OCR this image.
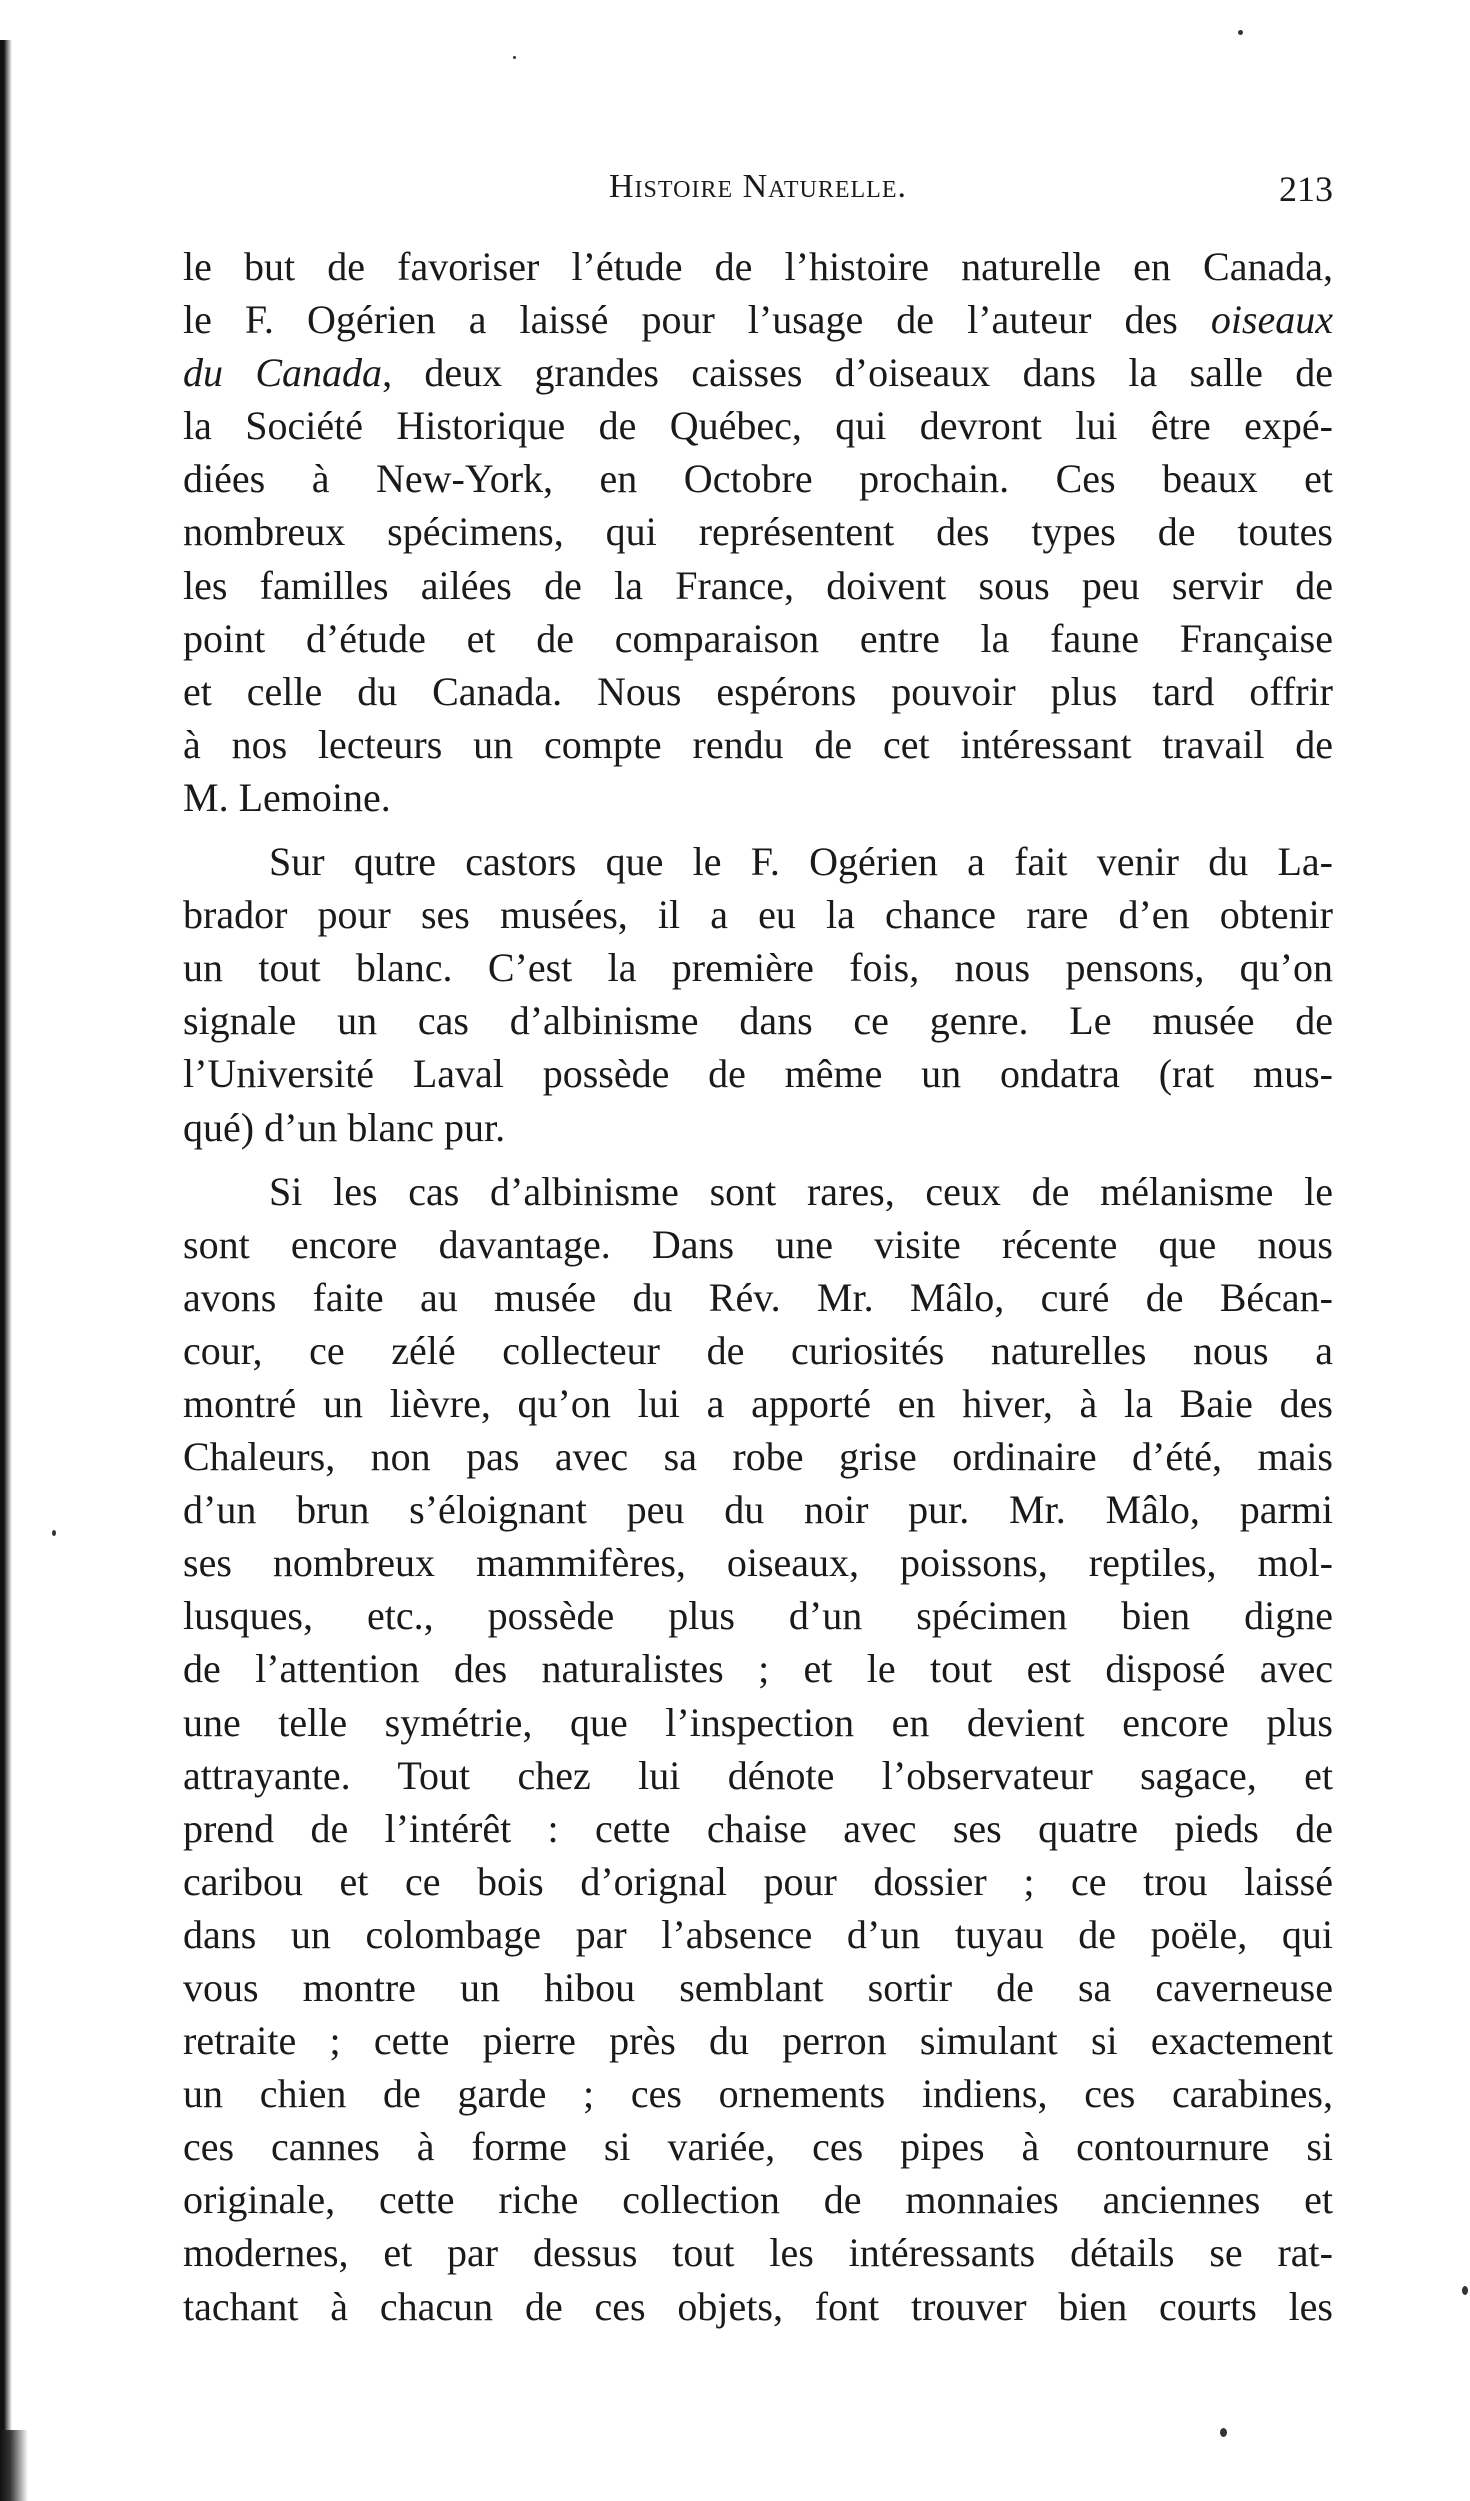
Histoire Naturelle.	213
le but de favoriser l’étude de l’histoire naturelle en Canada,
le F. Ogérien a laissé pour l’usage de l’auteur des oiseaux
du Canada, deux grandes caisses d’oiseaux dans la salle de
la Société Historique de Québec, qui devront lui être expé-
diées à New-York, en Octobre prochain. Ces beaux et
nombreux spécimens, qui représentent des types de toutes
les familles ailées de la France, doivent sous peu servir de
point d’étude et de comparaison entre la faune Française
et celle du Canada. Nous espérons pouvoir plus tard offrir
à nos lecteurs un compte rendu de cet intéressant travail de
M. Lemoine.
Sur qutre castors que le F. Ogérien a fait venir du La-
brador pour ses musées, il a eu la chance rare d’en obtenir
un tout blanc. C’est la première fois, nous pensons, qu’on
signale un cas d’albinisme dans ce genre. Le musée de
l’Université Laval possède de même un ondatra (rat mus-
qué) d’un blanc pur.
Si les cas d’albinisme sont rares, ceux de mélanisme le
sont encore davantage. Dans une visite récente que nous
avons faite au musée du Rév. Mr. Mâlo, curé de Bécan-
cour, ce zélé collecteur de curiosités naturelles nous a
montré un lièvre, qu’on lui a apporté en hiver, à la Baie des
Chaleurs, non pas avec sa robe grise ordinaire d’été, mais
d’un brun s’éloignant peu du noir pur. Mr. Mâlo, parmi
ses nombreux mammifères, oiseaux, poissons, reptiles, mol-
lusques, etc., possède plus d’un spécimen bien digne
de l’attention des naturalistes ; et le tout est disposé avec
une telle symétrie, que l’inspection en devient encore plus
attrayante. Tout chez lui dénote l’observateur sagace, et
prend de l’intérêt : cette chaise avec ses quatre pieds de
caribou et ce bois d’orignal pour dossier ; ce trou laissé
dans un colombage par l’absence d’un tuyau de poële, qui
vous montre un hibou semblant sortir de sa caverneuse
retraite ; cette pierre près du perron simulant si exactement
un chien de garde ; ces ornements indiens, ces carabines,
ces cannes à forme si variée, ces pipes à contournure si
originale, cette riche collection de monnaies anciennes et
modernes, et par dessus tout les intéressants détails se rat-
tachant à chacun de ces objets, font trouver bien courts les
